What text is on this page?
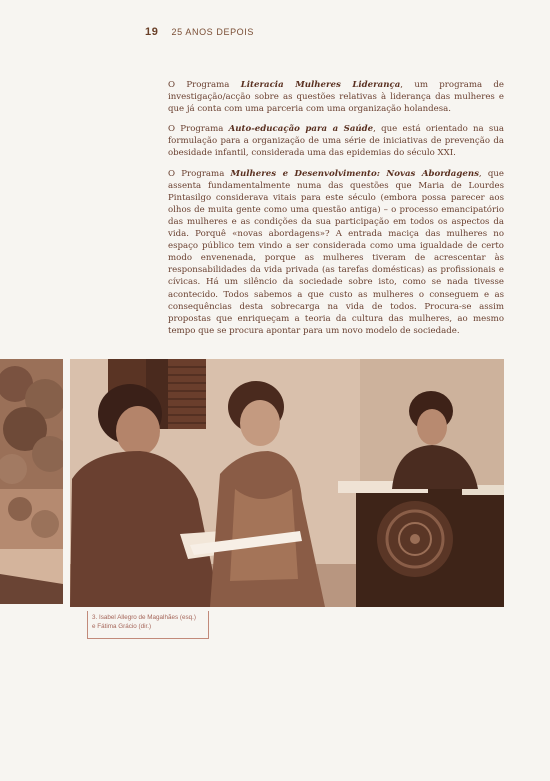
19 25 ANOS DEPOIS

O Programa Literacia Mulheres Liderança, um programa de investigação/acção sobre as questões relativas à liderança das mulheres e que já conta com uma parceria com uma organização holandesa.

O Programa Auto-educação para a Saúde, que está orientado na sua formulação para a organização de uma série de iniciativas de prevenção da obesidade infantil, considerada uma das epidemias do século XXI.

O Programa Mulheres e Desenvolvimento: Novas Abordagens, que assenta fundamentalmente numa das questões que Maria de Lourdes Pintasilgo considerava vitais para este século (embora possa parecer aos olhos de muita gente como uma questão antiga) – o processo emancipatório das mulheres e as condições da sua participação em todos os aspectos da vida. Porquê «novas abordagens»? A entrada maciça das mulheres no espaço público tem vindo a ser considerada como uma igualdade de certo modo envenenada, porque as mulheres tiveram de acrescentar às responsabilidades da vida privada (as tarefas domésticas) as profissionais e cívicas. Há um silêncio da sociedade sobre isto, como se nada tivesse acontecido. Todos sabemos a que custo as mulheres o conseguem e as consequências desta sobrecarga na vida de todos. Procura-se assim propostas que enriqueçam a teoria da cultura das mulheres, ao mesmo tempo que se procura apontar para um novo modelo de sociedade.

3. Isabel Allegro de Magalhães (esq.)
e Fátima Grácio (dir.)
